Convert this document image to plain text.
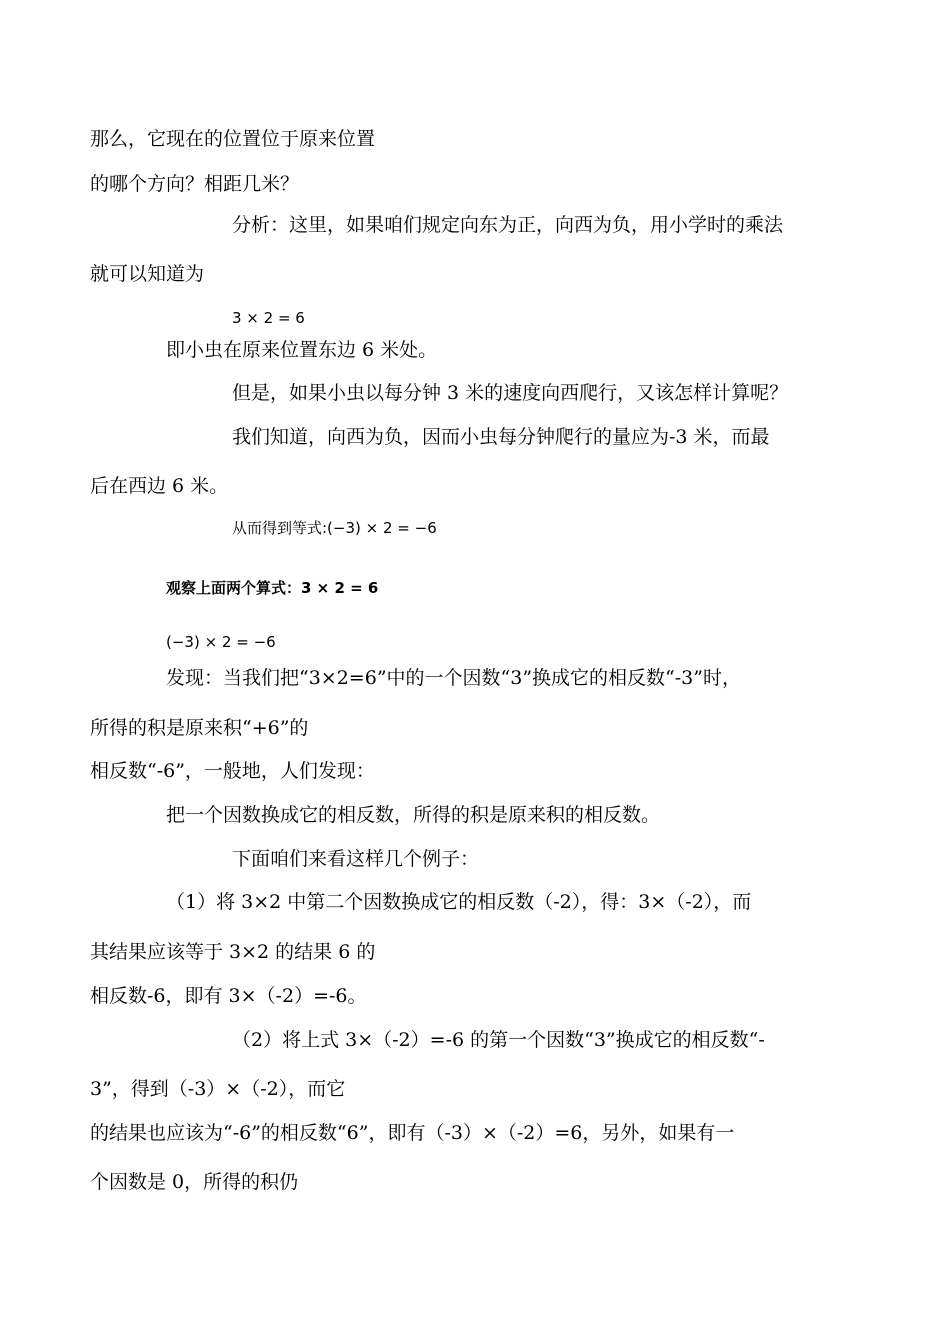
那么，它现在的位置位于原来位置
的哪个方向？相距几米？
分析：这里，如果咱们规定向东为正，向西为负，用小学时的乘法
就可以知道为
3 × 2 = 6
即小虫在原来位置东边 6 米处。
但是，如果小虫以每分钟 3 米的速度向西爬行，又该怎样计算呢？
我们知道，向西为负，因而小虫每分钟爬行的量应为-3 米，而最
后在西边 6 米。
从而得到等式:(−3) × 2 = −6
观察上面两个算式：3 × 2 = 6
(−3) × 2 = −6
发现：当我们把“3×2=6”中的一个因数“3”换成它的相反数“-3”时，
所得的积是原来积“+6”的
相反数“-6”，一般地，人们发现：
把一个因数换成它的相反数，所得的积是原来积的相反数。
下面咱们来看这样几个例子：
（1）将 3×2 中第二个因数换成它的相反数（-2），得：3×（-2），而
其结果应该等于 3×2 的结果 6 的
相反数-6，即有 3×（-2）=-6。
（2）将上式 3×（-2）=-6 的第一个因数“3”换成它的相反数“-
3”，得到（-3）×（-2），而它
的结果也应该为“-6”的相反数“6”，即有（-3）×（-2）=6，另外，如果有一
个因数是 0，所得的积仍
